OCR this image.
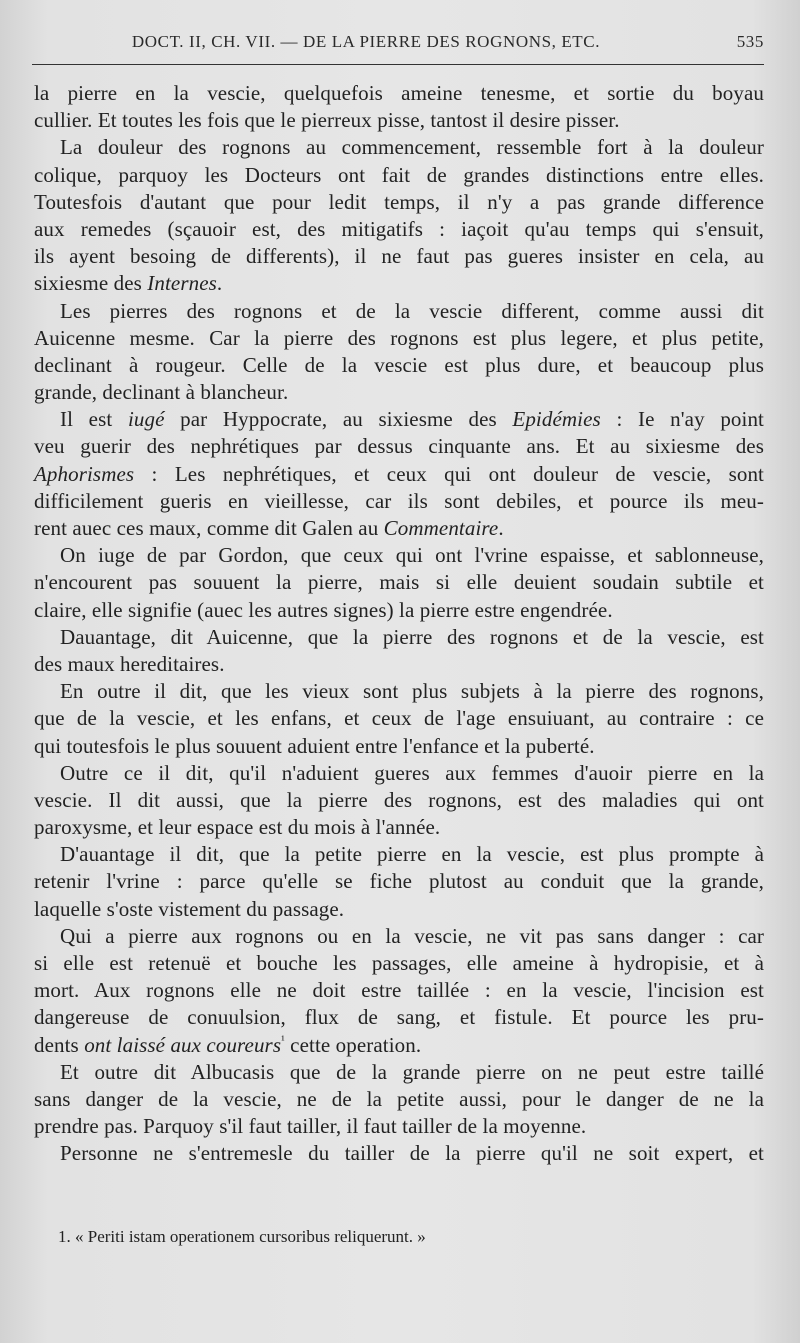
DOCT. II, CH. VII. — DE LA PIERRE DES ROGNONS, ETC.	535
la pierre en la vescie, quelquefois ameine tenesme, et sortie du boyau
cullier. Et toutes les fois que le pierreux pisse, tantost il desire pisser.
La douleur des rognons au commencement, ressemble fort à la douleur
colique, parquoy les Docteurs ont fait de grandes distinctions entre elles.
Toutesfois d'autant que pour ledit temps, il n'y a pas grande difference
aux remedes (sçauoir est, des mitigatifs : iaçoit qu'au temps qui s'ensuit,
ils ayent besoing de differents), il ne faut pas gueres insister en cela, au
sixiesme des Internes.
Les pierres des rognons et de la vescie different, comme aussi dit
Auicenne mesme. Car la pierre des rognons est plus legere, et plus petite,
declinant à rougeur. Celle de la vescie est plus dure, et beaucoup plus
grande, declinant à blancheur.
Il est iugé par Hyppocrate, au sixiesme des Epidémies : Ie n'ay point
veu guerir des nephrétiques par dessus cinquante ans. Et au sixiesme des
Aphorismes : Les nephrétiques, et ceux qui ont douleur de vescie, sont
difficilement gueris en vieillesse, car ils sont debiles, et pource ils meu-
rent auec ces maux, comme dit Galen au Commentaire.
On iuge de par Gordon, que ceux qui ont l'vrine espaisse, et sablonneuse,
n'encourent pas souuent la pierre, mais si elle deuient soudain subtile et
claire, elle signifie (auec les autres signes) la pierre estre engendrée.
Dauantage, dit Auicenne, que la pierre des rognons et de la vescie, est
des maux hereditaires.
En outre il dit, que les vieux sont plus subjets à la pierre des rognons,
que de la vescie, et les enfans, et ceux de l'age ensuiuant, au contraire : ce
qui toutesfois le plus souuent aduient entre l'enfance et la puberté.
Outre ce il dit, qu'il n'aduient gueres aux femmes d'auoir pierre en la
vescie. Il dit aussi, que la pierre des rognons, est des maladies qui ont
paroxysme, et leur espace est du mois à l'année.
D'auantage il dit, que la petite pierre en la vescie, est plus prompte à
retenir l'vrine : parce qu'elle se fiche plutost au conduit que la grande,
laquelle s'oste vistement du passage.
Qui a pierre aux rognons ou en la vescie, ne vit pas sans danger : car
si elle est retenuë et bouche les passages, elle ameine à hydropisie, et à
mort. Aux rognons elle ne doit estre taillée : en la vescie, l'incision est
dangereuse de conuulsion, flux de sang, et fistule. Et pource les pru-
dents ont laissé aux coureurs$^{^1}$ cette operation.
Et outre dit Albucasis que de la grande pierre on ne peut estre taillé
sans danger de la vescie, ne de la petite aussi, pour le danger de ne la
prendre pas. Parquoy s'il faut tailler, il faut tailler de la moyenne.
Personne ne s'entremesle du tailler de la pierre qu'il ne soit expert, et
1. « Periti istam operationem cursoribus reliquerunt. »
